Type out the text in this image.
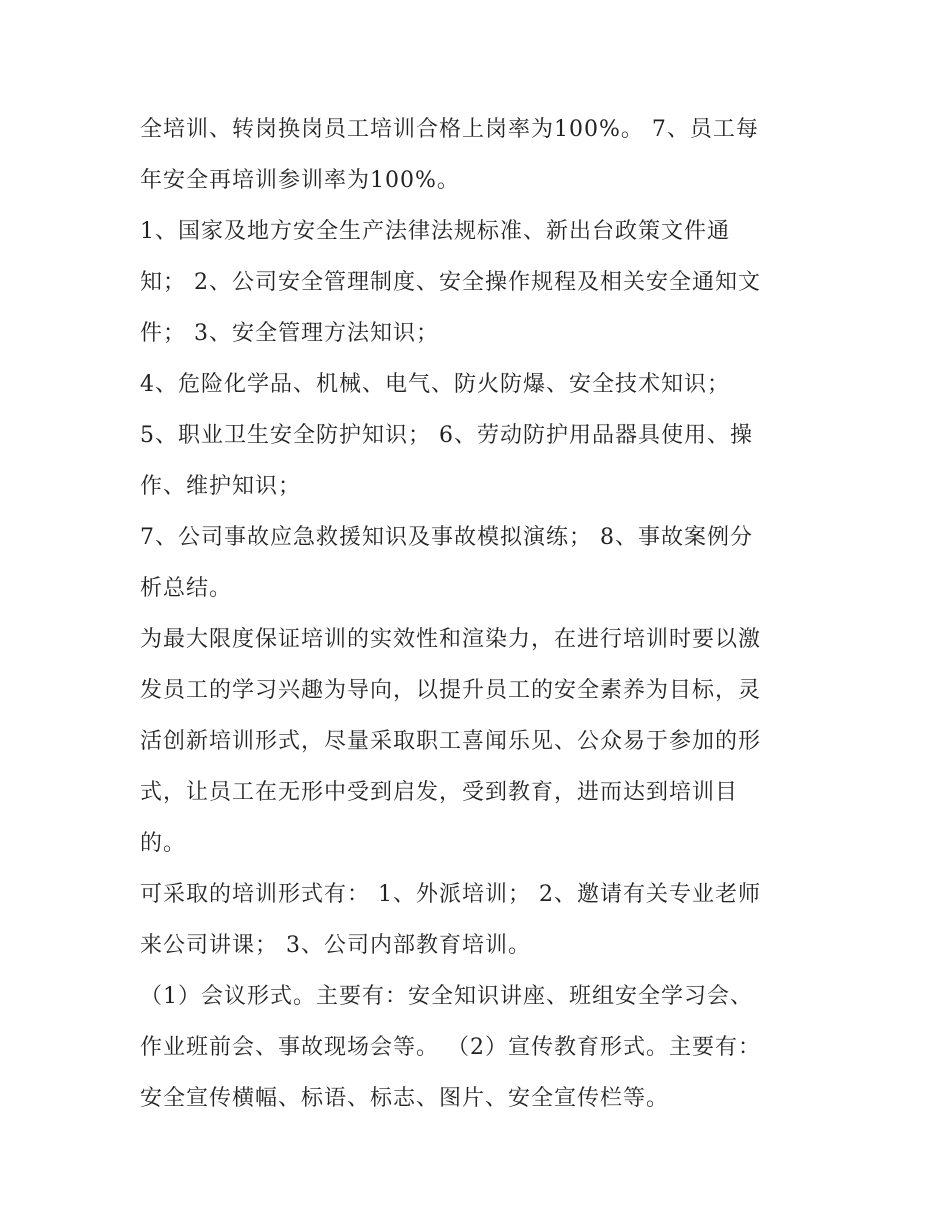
全培训、转岗换岗员工培训合格上岗率为100%。 7、员工每
年安全再培训参训率为100%。
1、国家及地方安全生产法律法规标准、新出台政策文件通
知； 2、公司安全管理制度、安全操作规程及相关安全通知文
件； 3、安全管理方法知识；
4、危险化学品、机械、电气、防火防爆、安全技术知识；
5、职业卫生安全防护知识； 6、劳动防护用品器具使用、操
作、维护知识；
7、公司事故应急救援知识及事故模拟演练； 8、事故案例分
析总结。
为最大限度保证培训的实效性和渲染力，在进行培训时要以激
发员工的学习兴趣为导向，以提升员工的安全素养为目标，灵
活创新培训形式，尽量采取职工喜闻乐见、公众易于参加的形
式，让员工在无形中受到启发，受到教育，进而达到培训目
的。
可采取的培训形式有： 1、外派培训； 2、邀请有关专业老师
来公司讲课； 3、公司内部教育培训。
（1）会议形式。主要有：安全知识讲座、班组安全学习会、
作业班前会、事故现场会等。 （2）宣传教育形式。主要有：
安全宣传横幅、标语、标志、图片、安全宣传栏等。
